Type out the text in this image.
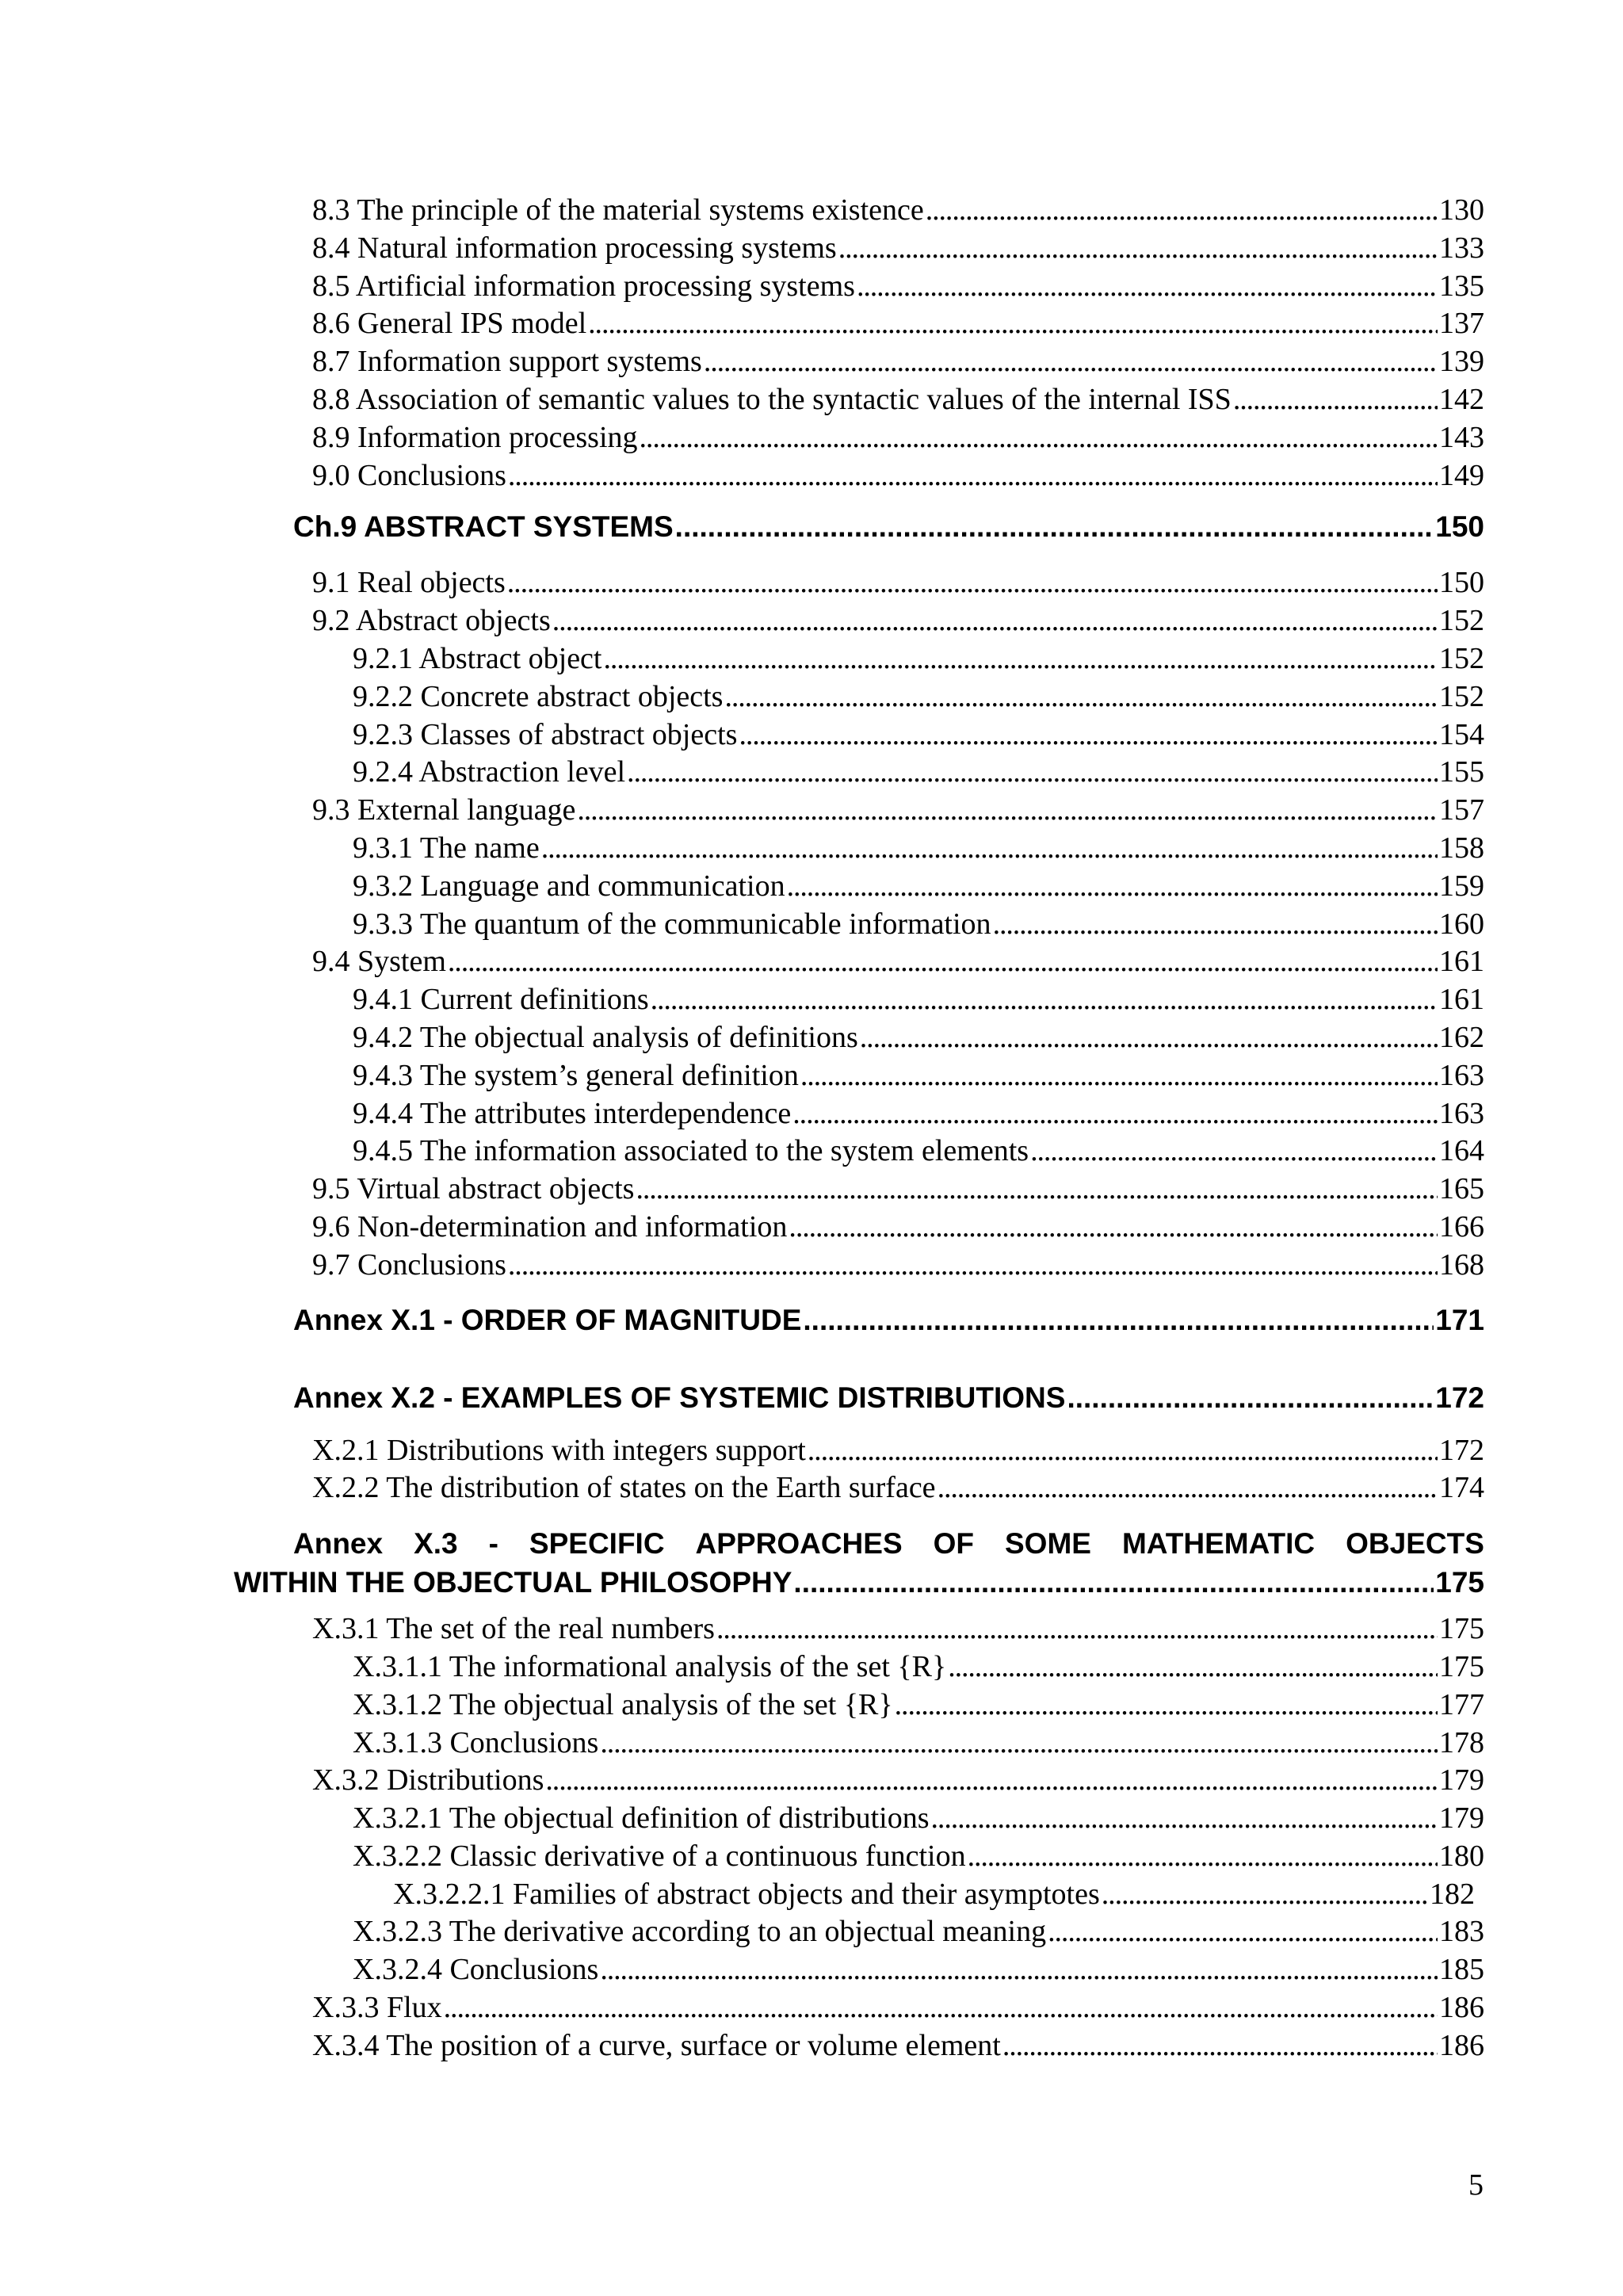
8.3 The principle of the material systems existence . . .	130
8.4 Natural information processing systems . . .	133
8.5 Artificial information processing systems . . .	135
8.6 General IPS model . . .	137
8.7 Information support systems . . .	139
8.8 Association of semantic values to the syntactic values of the internal ISS . . .	142
8.9 Information processing . . .	143
9.0 Conclusions . . .	149
Ch.9 ABSTRACT SYSTEMS .....	150
9.1 Real objects . . .	150
9.2 Abstract objects . . .	152
9.2.1 Abstract object . . .	152
9.2.2 Concrete abstract objects . . .	152
9.2.3 Classes of abstract objects . . .	154
9.2.4 Abstraction level . . .	155
9.3 External language . . .	157
9.3.1 The name . . .	158
9.3.2 Language and communication . . .	159
9.3.3 The quantum of the communicable information . . .	160
9.4 System . . .	161
9.4.1 Current definitions . . .	161
9.4.2 The objectual analysis of definitions . . .	162
9.4.3 The system’s general definition . . .	163
9.4.4 The attributes interdependence . . .	163
9.4.5 The information associated to the system elements . . .	164
9.5 Virtual abstract objects . . .	165
9.6 Non-determination and information . . .	166
9.7 Conclusions . . .	168
Annex X.1 - ORDER OF MAGNITUDE .....	171
Annex X.2 - EXAMPLES OF SYSTEMIC DISTRIBUTIONS .....	172
X.2.1 Distributions with integers support . . .	172
X.2.2 The distribution of states on the Earth surface . . .	174
Annex X.3 - SPECIFIC APPROACHES OF SOME MATHEMATIC OBJECTS
WITHIN THE OBJECTUAL PHILOSOPHY .....	175
X.3.1 The set of the real numbers . . .	175
X.3.1.1 The informational analysis of the set {R} . . .	175
X.3.1.2 The objectual analysis of the set {R} . . .	177
X.3.1.3 Conclusions . . .	178
X.3.2 Distributions . . .	179
X.3.2.1 The objectual definition of distributions . . .	179
X.3.2.2 Classic derivative of a continuous function . . .	180
X.3.2.2.1 Families of abstract objects and their asymptotes . . .	182
X.3.2.3 The derivative according to an objectual meaning . . .	183
X.3.2.4 Conclusions . . .	185
X.3.3 Flux . . .	186
X.3.4 The position of a curve, surface or volume element . . .	186
5
